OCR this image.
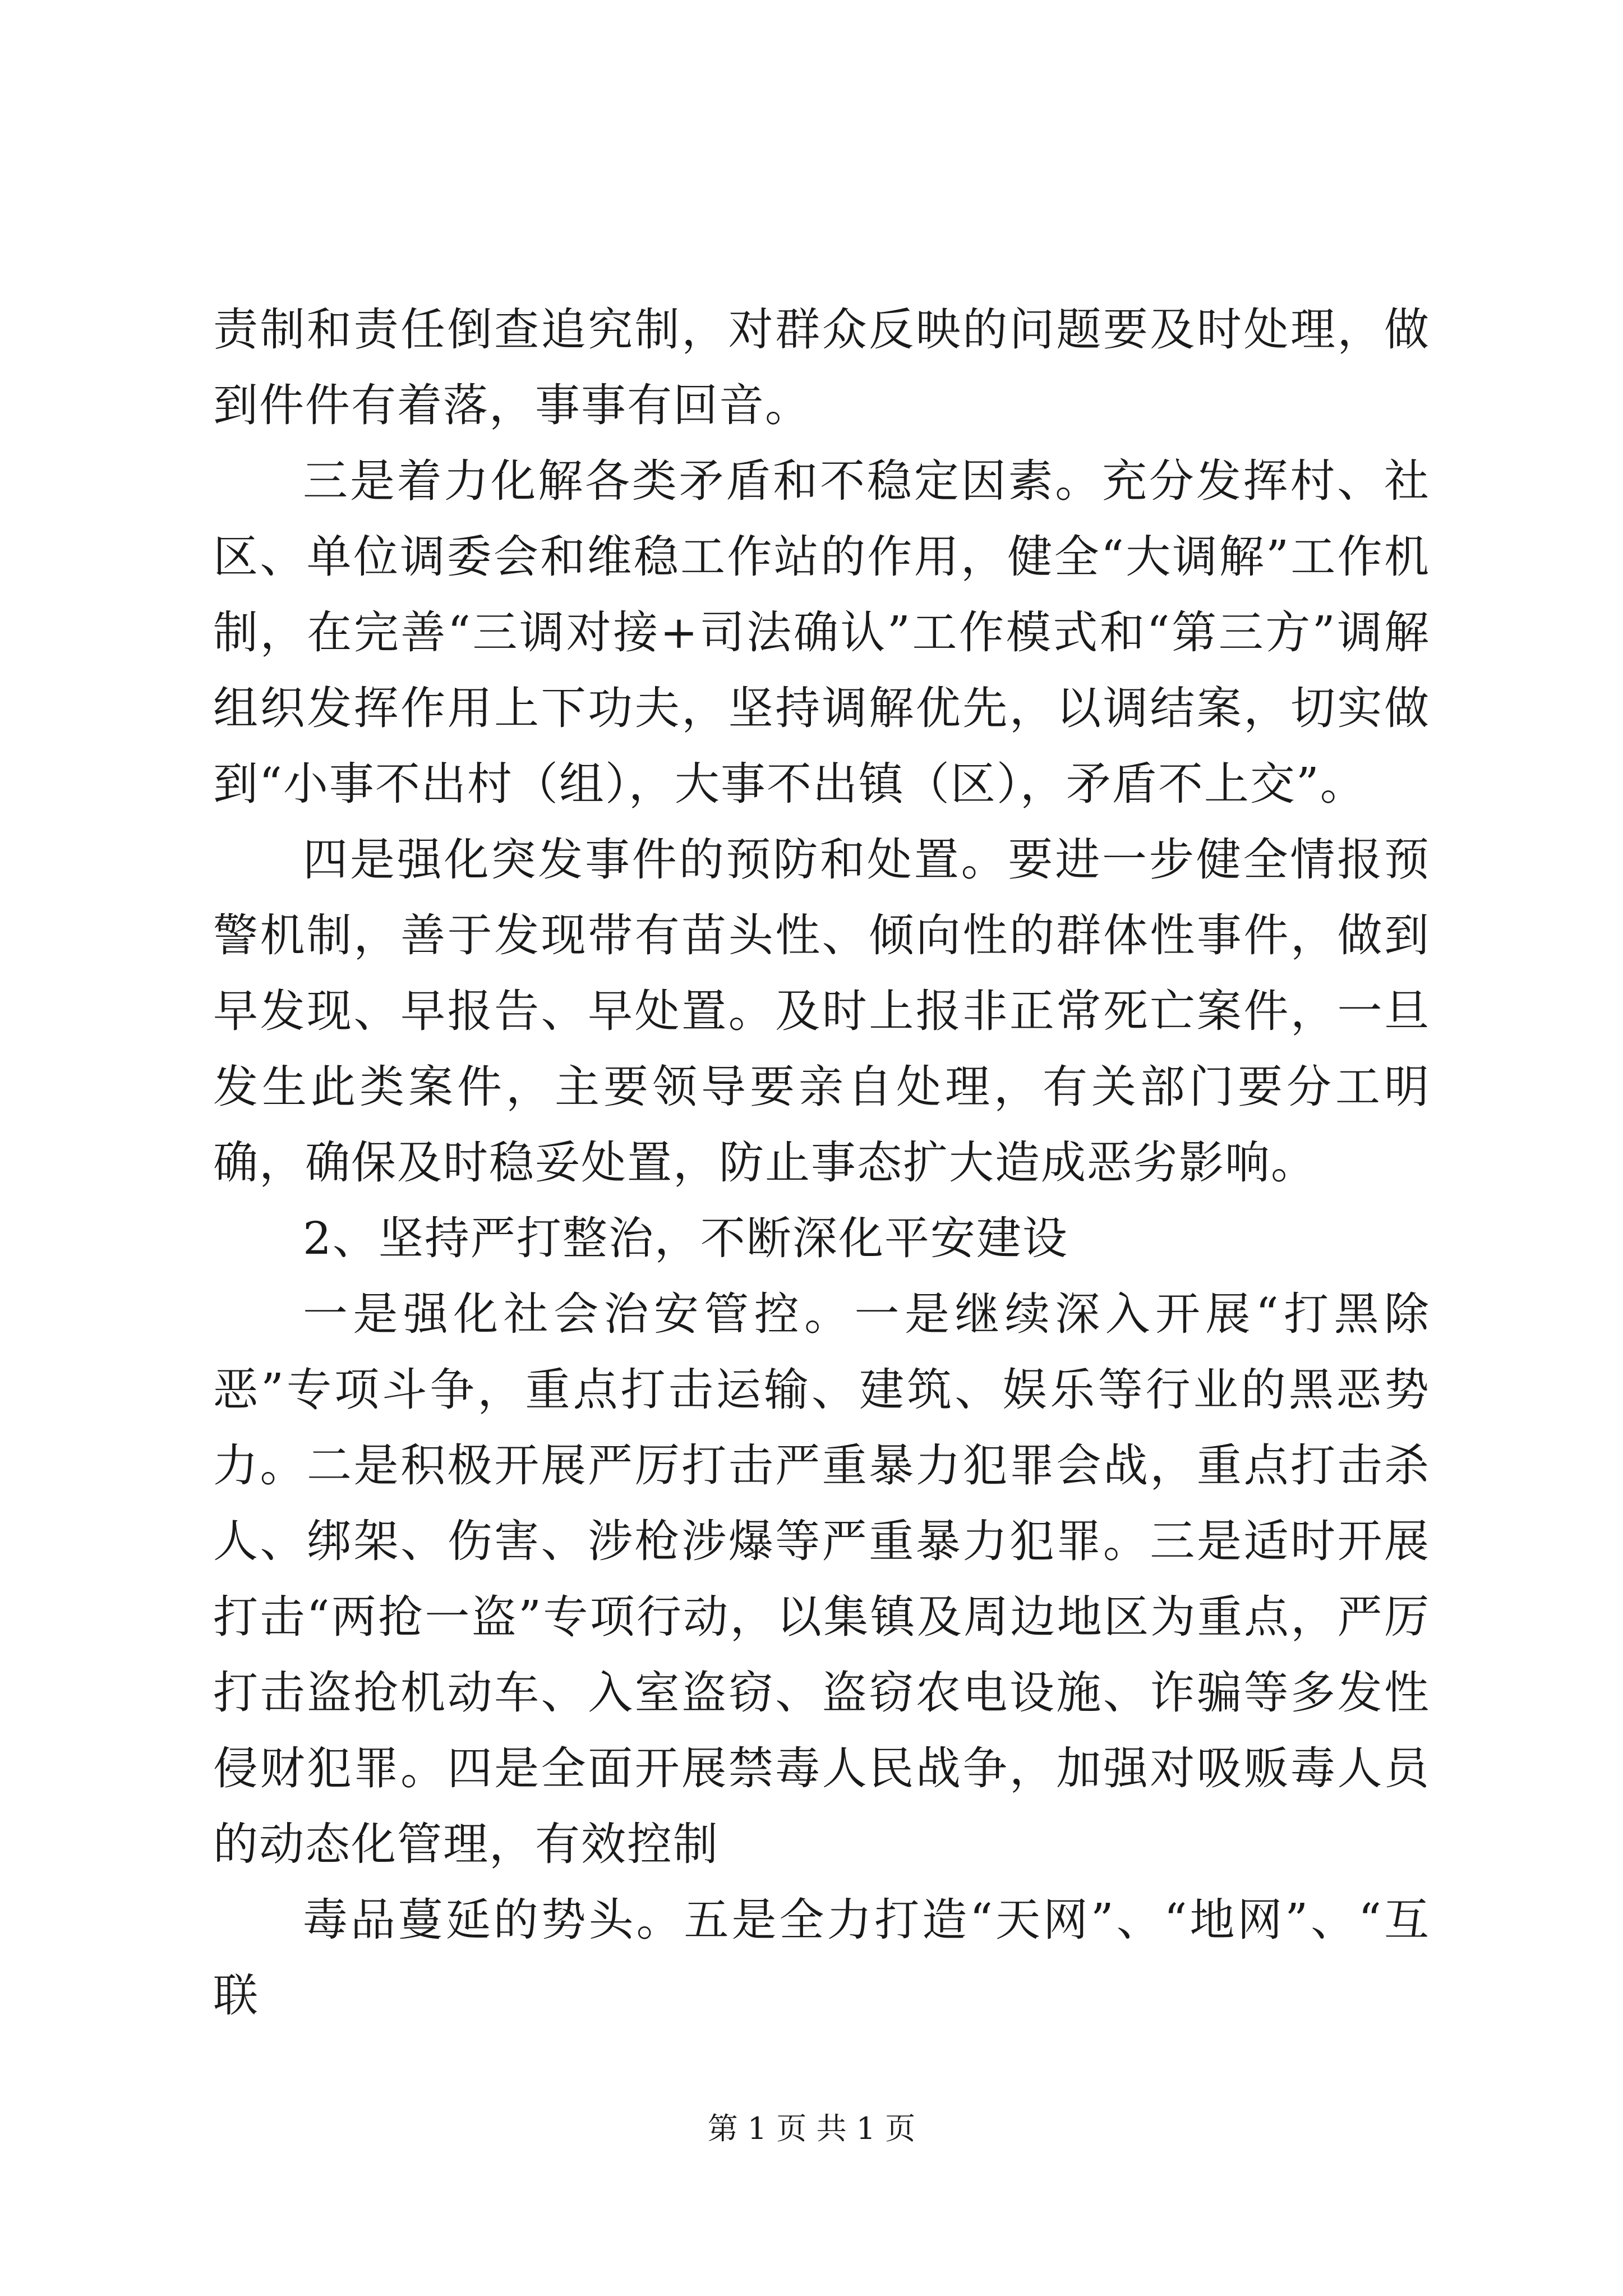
责制和责任倒查追究制，对群众反映的问题要及时处理，做到件件有着落，事事有回音。

三是着力化解各类矛盾和不稳定因素。充分发挥村、社区、单位调委会和维稳工作站的作用，健全“大调解”工作机制，在完善“三调对接+司法确认”工作模式和“第三方”调解组织发挥作用上下功夫，坚持调解优先，以调结案，切实做到“小事不出村（组），大事不出镇（区），矛盾不上交”。

四是强化突发事件的预防和处置。要进一步健全情报预警机制，善于发现带有苗头性、倾向性的群体性事件，做到早发现、早报告、早处置。及时上报非正常死亡案件，一旦发生此类案件，主要领导要亲自处理，有关部门要分工明确，确保及时稳妥处置，防止事态扩大造成恶劣影响。

2、坚持严打整治，不断深化平安建设

一是强化社会治安管控。一是继续深入开展“打黑除恶”专项斗争，重点打击运输、建筑、娱乐等行业的黑恶势力。二是积极开展严厉打击严重暴力犯罪会战，重点打击杀人、绑架、伤害、涉枪涉爆等严重暴力犯罪。三是适时开展打击“两抢一盗”专项行动，以集镇及周边地区为重点，严厉打击盗抢机动车、入室盗窃、盗窃农电设施、诈骗等多发性侵财犯罪。四是全面开展禁毒人民战争，加强对吸贩毒人员的动态化管理，有效控制

毒品蔓延的势头。五是全力打造“天网”、“地网”、“互联

第 1 页 共 1 页
